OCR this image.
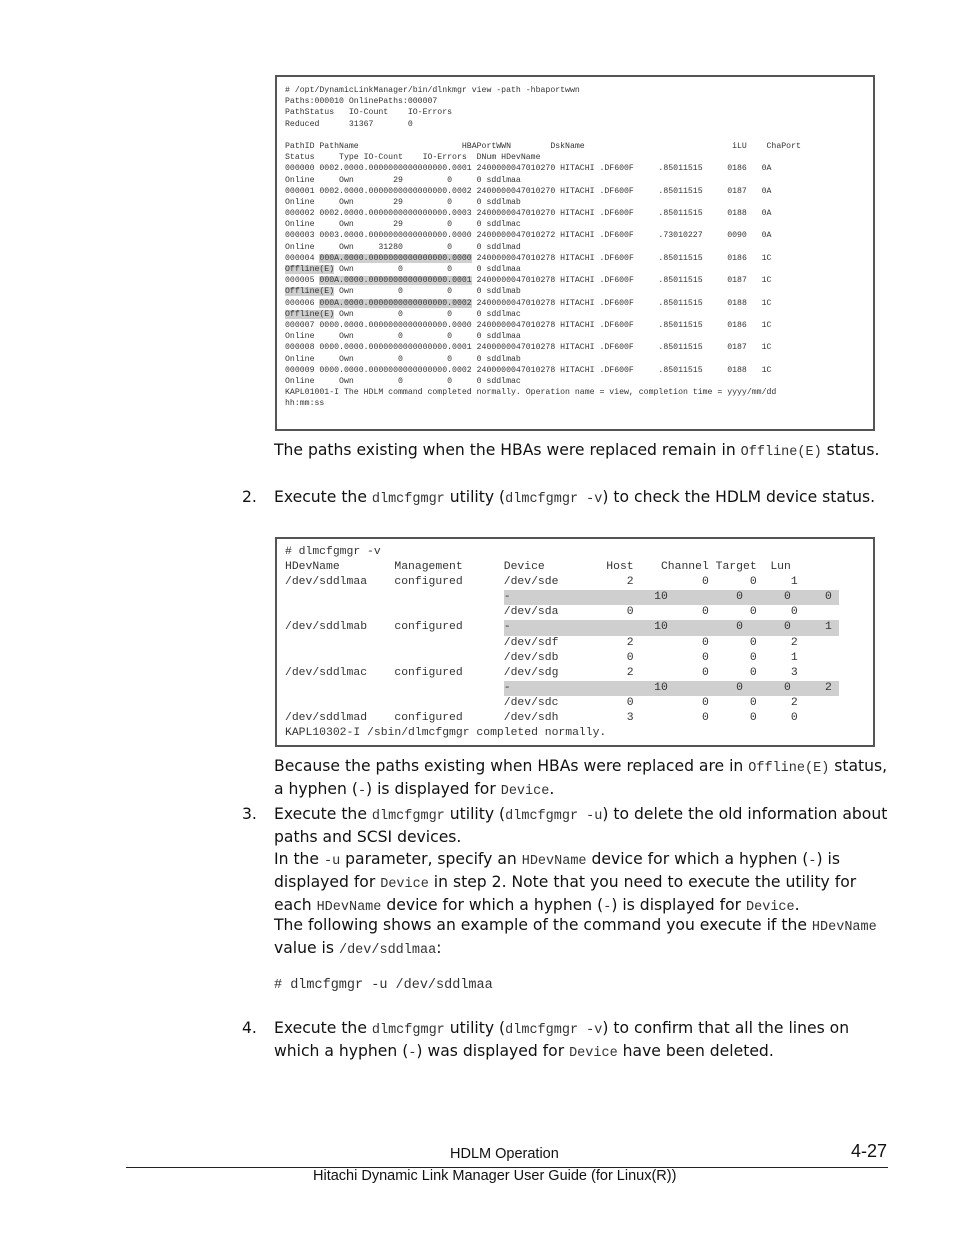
# /opt/DynamicLinkManager/bin/dlnkmgr view -path -hbaportwwn
Paths:000010 OnlinePaths:000007
PathStatus   IO-Count    IO-Errors
Reduced      31367       0
PathID PathName                     HBAPortWWN        DskName                              iLU    ChaPort
Status     Type IO-Count    IO-Errors  DNum HDevName
000000 0002.0000.0000000000000000.0001 2400000047010270 HITACHI .DF600F     .85011515     0186   0A
Online     Own        29         0     0 sddlmaa
000001 0002.0000.0000000000000000.0002 2400000047010270 HITACHI .DF600F     .85011515     0187   0A
Online     Own        29         0     0 sddlmab
000002 0002.0000.0000000000000000.0003 2400000047010270 HITACHI .DF600F     .85011515     0188   0A
Online     Own        29         0     0 sddlmac
000003 0003.0000.0000000000000000.0000 2400000047010272 HITACHI .DF600F     .73010227     0090   0A
Online     Own     31280         0     0 sddlmad
000004 000A.0000.0000000000000000.0000 2400000047010278 HITACHI .DF600F     .85011515     0186   1C
Offline(E) Own         0         0     0 sddlmaa
000005 000A.0000.0000000000000000.0001 2400000047010278 HITACHI .DF600F     .85011515     0187   1C
Offline(E) Own         0         0     0 sddlmab
000006 000A.0000.0000000000000000.0002 2400000047010278 HITACHI .DF600F     .85011515     0188   1C
Offline(E) Own         0         0     0 sddlmac
000007 0000.0000.0000000000000000.0000 2400000047010278 HITACHI .DF600F     .85011515     0186   1C
Online     Own         0         0     0 sddlmaa
000008 0000.0000.0000000000000000.0001 2400000047010278 HITACHI .DF600F     .85011515     0187   1C
Online     Own         0         0     0 sddlmab
000009 0000.0000.0000000000000000.0002 2400000047010278 HITACHI .DF600F     .85011515     0188   1C
Online     Own         0         0     0 sddlmac
KAPL01001-I The HDLM command completed normally. Operation name = view, completion time = yyyy/mm/dd
hh:mm:ss

The paths existing when the HBAs were replaced remain in Offline(E) status.

2. Execute the dlmcfgmgr utility (dlmcfgmgr -v) to check the HDLM device status.

# dlmcfgmgr -v
HDevName        Management      Device         Host    Channel Target  Lun
/dev/sddlmaa    configured      /dev/sde          2          0      0     1
-                     10          0      0     0
/dev/sda          0          0      0     0
/dev/sddlmab    configured      -                     10          0      0     1
/dev/sdf          2          0      0     2
/dev/sdb          0          0      0     1
/dev/sddlmac    configured      /dev/sdg          2          0      0     3
-                     10          0      0     2
/dev/sdc          0          0      0     2
/dev/sddlmad    configured      /dev/sdh          3          0      0     0
KAPL10302-I /sbin/dlmcfgmgr completed normally.

Because the paths existing when HBAs were replaced are in Offline(E) status, a hyphen (-) is displayed for Device.

3. Execute the dlmcfgmgr utility (dlmcfgmgr -u) to delete the old information about paths and SCSI devices.

In the -u parameter, specify an HDevName device for which a hyphen (-) is displayed for Device in step 2. Note that you need to execute the utility for each HDevName device for which a hyphen (-) is displayed for Device.

The following shows an example of the command you execute if the HDevName value is /dev/sddlmaa:

# dlmcfgmgr -u /dev/sddlmaa
4. Execute the dlmcfgmgr utility (dlmcfgmgr -v) to confirm that all the lines on which a hyphen (-) was displayed for Device have been deleted.

HDLM Operation	4-27
Hitachi Dynamic Link Manager User Guide (for Linux(R))
